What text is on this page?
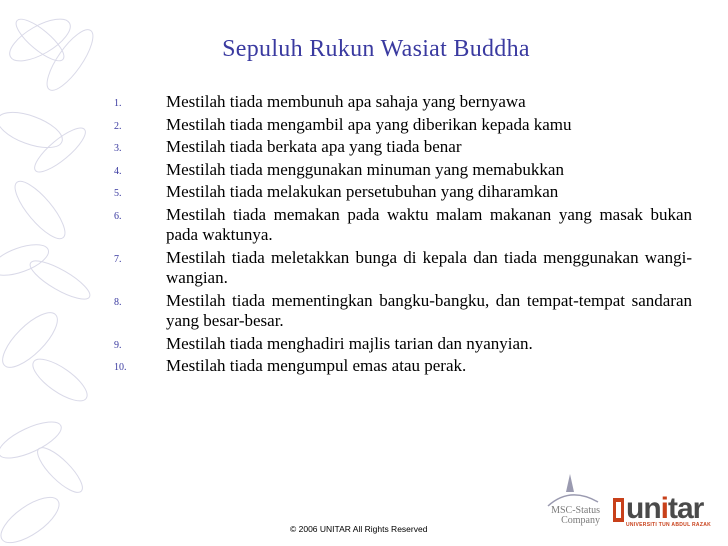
Sepuluh Rukun Wasiat Buddha
1.	Mestilah tiada membunuh apa sahaja yang bernyawa
2.	Mestilah tiada mengambil apa yang diberikan kepada kamu
3.	Mestilah tiada berkata apa yang tiada benar
4.	Mestilah tiada menggunakan minuman yang memabukkan
5.	Mestilah tiada melakukan persetubuhan yang diharamkan
6.	Mestilah tiada memakan pada waktu malam makanan yang masak bukan pada waktunya.
7.	Mestilah tiada meletakkan bunga di kepala dan tiada menggunakan wangi-wangian.
8.	Mestilah tiada mementingkan bangku-bangku, dan tempat-tempat sandaran yang besar-besar.
9.	Mestilah tiada menghadiri majlis tarian dan nyanyian.
10.	Mestilah tiada mengumpul emas atau perak.
© 2006 UNITAR All Rights Reserved
MSC-Status
Company unitar
UNIVERSITI TUN ABDUL RAZAK
